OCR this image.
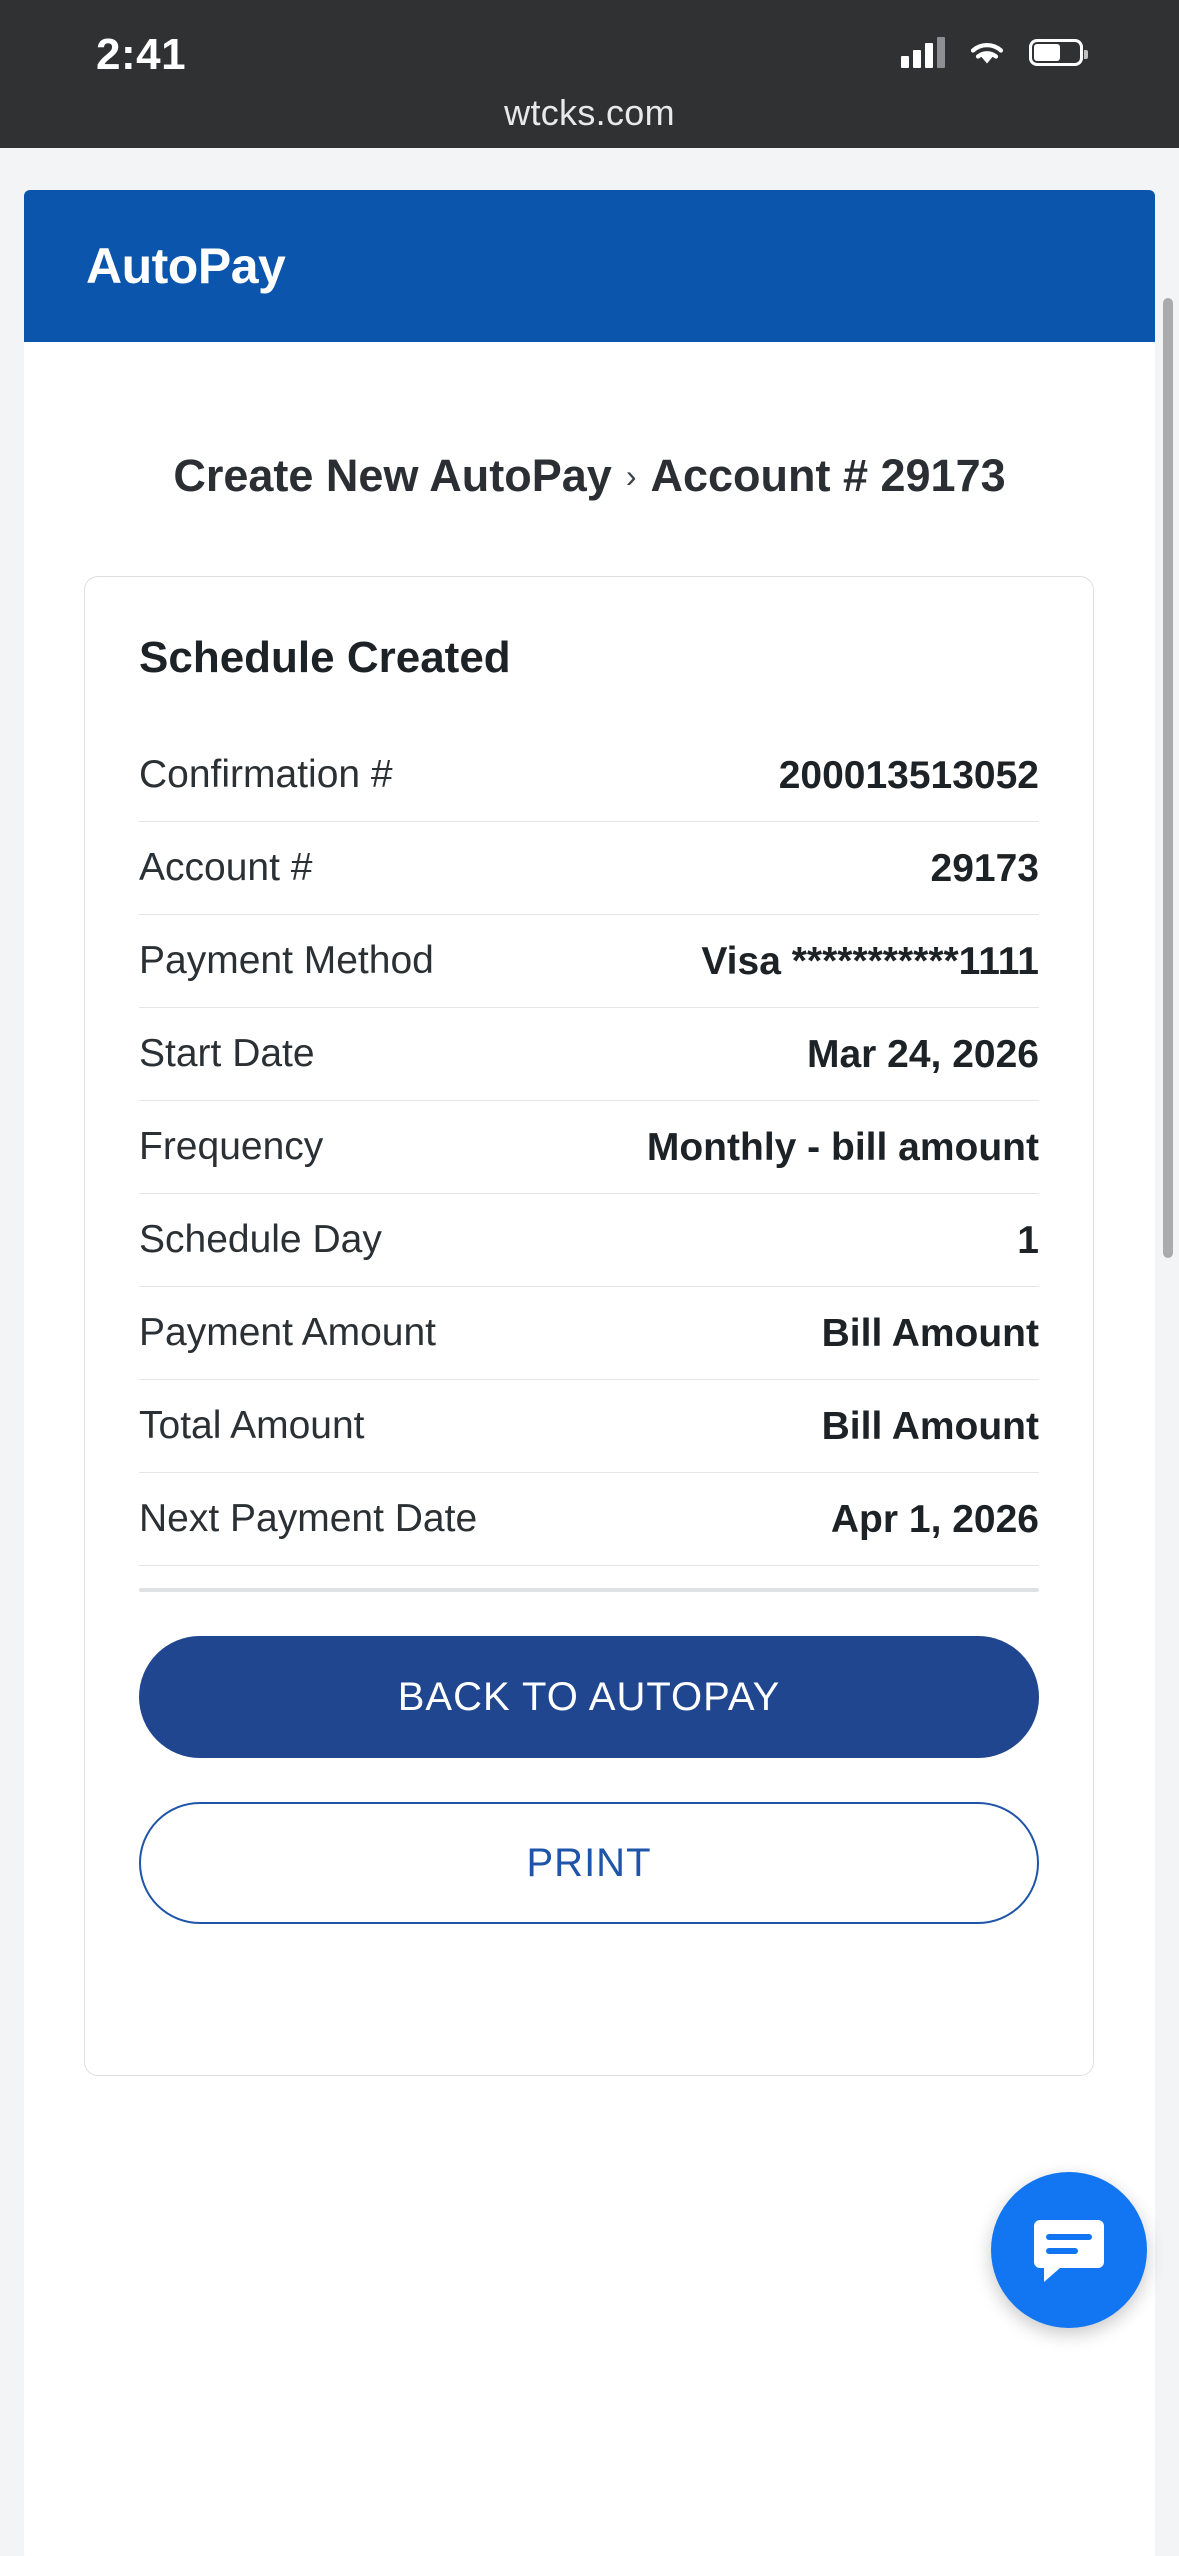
2:41
wtcks.com
AutoPay
Create New AutoPay › Account # 29173
Schedule Created
Confirmation #	200013513052
Account #	29173
Payment Method	Visa ***********1111
Start Date	Mar 24, 2026
Frequency	Monthly - bill amount
Schedule Day	1
Payment Amount	Bill Amount
Total Amount	Bill Amount
Next Payment Date	Apr 1, 2026
BACK TO AUTOPAY
PRINT
